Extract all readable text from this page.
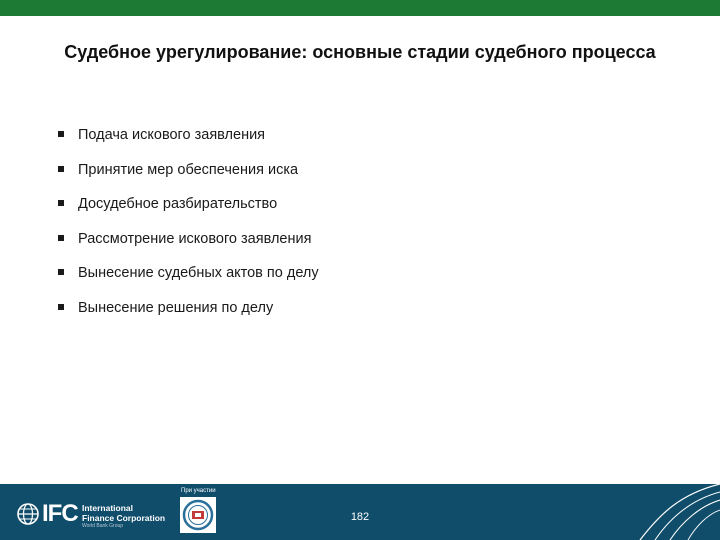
Судебное урегулирование: основные стадии судебного процесса
Подача искового заявления
Принятие мер обеспечения иска
Досудебное разбирательство
Рассмотрение искового заявления
Вынесение судебных актов по делу
Вынесение решения по делу
IFC International
Finance Corporation
World Bank Group
При участии
182
